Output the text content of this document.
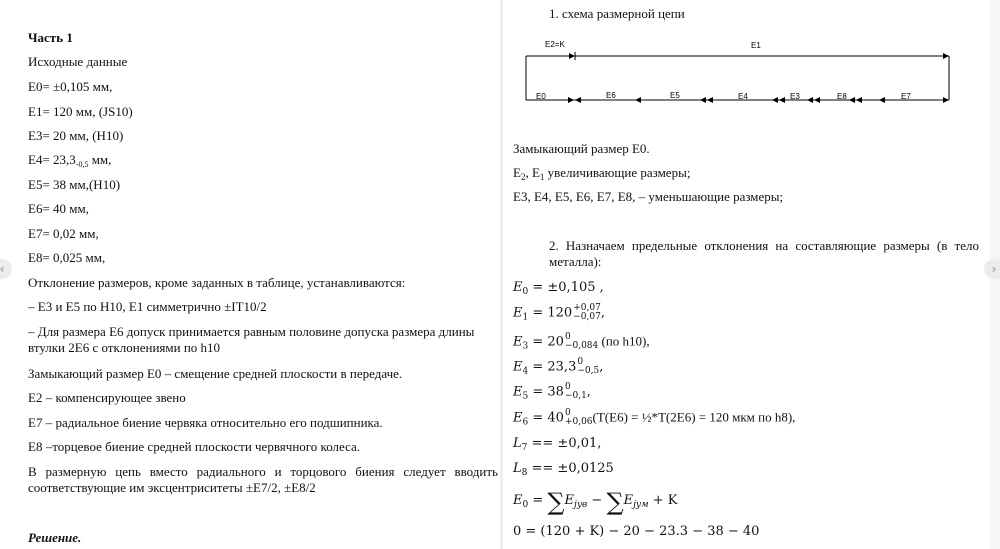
Часть 1
Исходные данные
E0= ±0,105 мм,
E1= 120 мм, (JS10)
E3= 20 мм, (H10)
$E4= 23,3_{-0,5}$ мм,
E5= 38 мм,(H10)
E6= 40 мм,
E7= 0,02 мм,
E8= 0,025 мм,
Отклонение размеров, кроме заданных в таблице, устанавливаются:
– E3 и E5 по H10, E1 симметрично ±IT10/2
– Для размера E6 допуск принимается равным половине допуска размера длины втулки 2E6 с отклонениями по h10
Замыкающий размер E0 – смещение средней плоскости в передаче.
E2 – компенсирующее звено
E7 – радиальное биение червяка относительно его подшипника.
E8 –торцевое биение средней плоскости червячного колеса.
В размерную цепь вместо радиального и торцового биения следует вводить соответствующие им эксцентриситеты ±E7/2, ±E8/2
Решение.
1. схема размерной цепи
E2=K	E1
E0	E6	E5	E4	E3	E8	E7
Замыкающий размер E0.
$E_2$, $E_1$ увеличивающие размеры;
E3, E4, E5, E6, E7, E8, – уменьшающие размеры;
2. Назначаем предельные отклонения на составляющие размеры (в тело металла):
$E_0 = \pm 0,105$ ,
$E_1 = 120 +0,07$
−0,07 ,
$E_3 = 20$ 0
−0,084 (по h10),
$E_4 = 23,3$ 0
−0,5 ,
$E_5 = 38$ 0
−0,1 ,
$E_6 = 40$ 0
+0,06 (T(E6) = ½*T(2E6) = 120 мкм по h8),
$L_7 == \pm 0,01$,
$L_8 == \pm 0,0125$
$E_0 = \sum E_{jув} - \sum E_{jум} + K$
0 = (120 + K) − 20 − 23.3 − 38 − 40
‹	›
